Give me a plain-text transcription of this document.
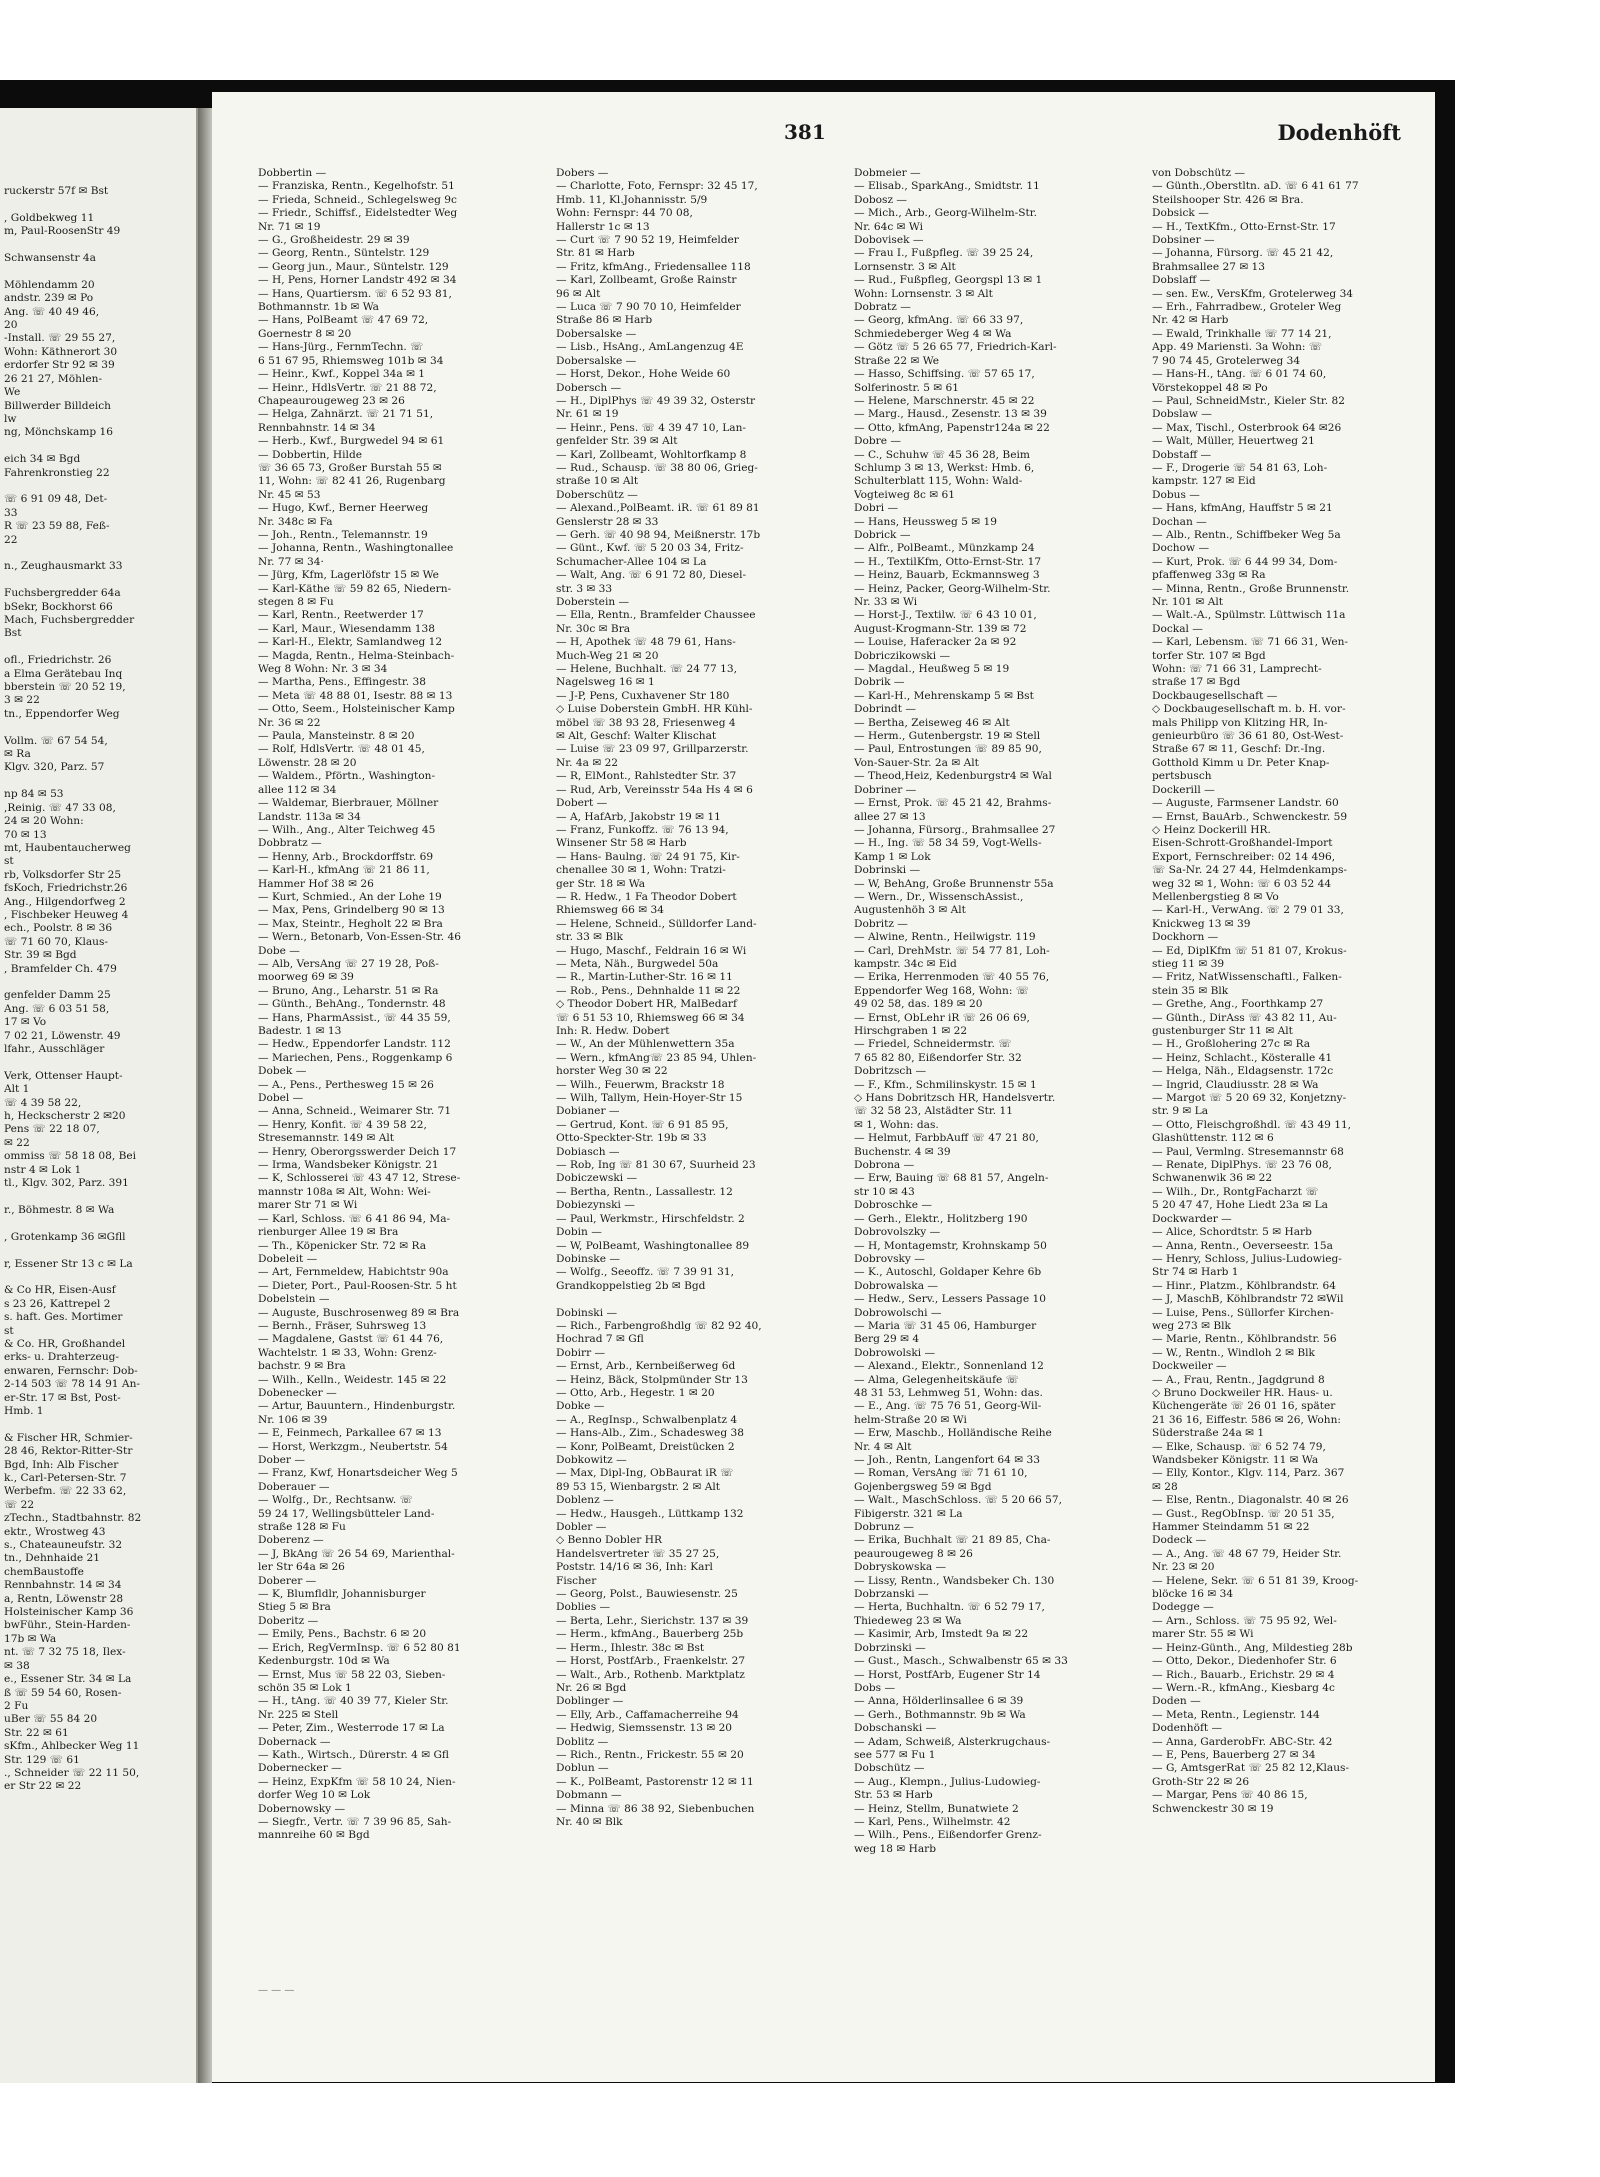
ruckerstr 57f ✉ Bst

, Goldbekweg 11
m, Paul-RoosenStr 49

Schwansenstr 4a

Möhlendamm 20
andstr. 239 ✉ Po
Ang. ☏ 40 49 46,
20
-Install. ☏ 29 55 27,
Wohn: Käthnerort 30
erdorfer Str 92 ✉ 39
26 21 27, Möhlen-
We
Billwerder Billdeich
lw
ng, Mönchskamp 16

eich 34 ✉ Bgd
Fahrenkronstieg 22

☏ 6 91 09 48, Det-
33
R ☏ 23 59 88, Feß-
22

n., Zeughausmarkt 33

Fuchsbergredder 64a
bSekr, Bockhorst 66
Mach, Fuchsbergredder
Bst

ofl., Friedrichstr. 26
a Elma Gerätebau Inq
bberstein ☏ 20 52 19,
3 ✉ 22
tn., Eppendorfer Weg

Vollm. ☏ 67 54 54,
✉ Ra
Klgv. 320, Parz. 57

np 84 ✉ 53
,Reinig. ☏ 47 33 08,
24 ✉ 20 Wohn:
70 ✉ 13
mt, Haubentaucherweg
st
rb, Volksdorfer Str 25
fsKoch, Friedrichstr.26
Ang., Hilgendorfweg 2
, Fischbeker Heuweg 4
ech., Poolstr. 8 ✉ 36
☏ 71 60 70, Klaus-
Str. 39 ✉ Bgd
, Bramfelder Ch. 479

genfelder Damm 25
Ang. ☏ 6 03 51 58,
17 ✉ Vo
7 02 21, Löwenstr. 49
lfahr., Ausschläger

Verk, Ottenser Haupt-
Alt 1
☏ 4 39 58 22,
h, Heckscherstr 2 ✉20
Pens ☏ 22 18 07,
✉ 22
ommiss ☏ 58 18 08, Bei
nstr 4 ✉ Lok 1
tl., Klgv. 302, Parz. 391

r., Böhmestr. 8 ✉ Wa

, Grotenkamp 36 ✉Gfll

r, Essener Str 13 c ✉ La

& Co HR, Eisen-Ausf
s 23 26, Kattrepel 2
s. haft. Ges. Mortimer
st
& Co. HR, Großhandel
erks- u. Drahterzeug-
enwaren, Fernschr: Dob-
2-14 503 ☏ 78 14 91 An-
er-Str. 17 ✉ Bst, Post-
Hmb. 1

& Fischer HR, Schmier-
28 46, Rektor-Ritter-Str
Bgd, Inh: Alb Fischer
k., Carl-Petersen-Str. 7
Werbefm. ☏ 22 33 62,
☏ 22
zTechn., Stadtbahnstr. 82
ektr., Wrostweg 43
s., Chateauneufstr. 32
tn., Dehnhaide 21
chemBaustoffe
Rennbahnstr. 14 ✉ 34
a, Rentn, Löwenstr 28
Holsteinischer Kamp 36
bwFühr., Stein-Harden-
17b ✉ Wa
nt. ☏ 7 32 75 18, Ilex-
✉ 38
e., Essener Str. 34 ✉ La
ß ☏ 59 54 60, Rosen-
2 Fu
uBer ☏ 55 84 20
Str. 22 ✉ 61
sKfm., Ahlbecker Weg 11
Str. 129 ☏ 61
., Schneider ☏ 22 11 50,
er Str 22 ✉ 22
381	Dodenhöft
Dobbertin —
— Franziska, Rentn., Kegelhofstr. 51
— Frieda, Schneid., Schlegelsweg 9c
— Friedr., Schiffsf., Eidelstedter Weg
Nr. 71 ✉ 19
— G., Großheidestr. 29 ✉ 39
— Georg, Rentn., Süntelstr. 129
— Georg jun., Maur., Süntelstr. 129
— H, Pens, Horner Landstr 492 ✉ 34
— Hans, Quartiersm. ☏ 6 52 93 81,
Bothmannstr. 1b ✉ Wa
— Hans, PolBeamt ☏ 47 69 72,
Goernestr 8 ✉ 20
— Hans-Jürg., FernmTechn. ☏
6 51 67 95, Rhiemsweg 101b ✉ 34
— Heinr., Kwf., Koppel 34a ✉ 1
— Heinr., HdlsVertr. ☏ 21 88 72,
Chapeaurougeweg 23 ✉ 26
— Helga, Zahnärzt. ☏ 21 71 51,
Rennbahnstr. 14 ✉ 34
— Herb., Kwf., Burgwedel 94 ✉ 61
— Dobbertin, Hilde
☏ 36 65 73, Großer Burstah 55 ✉
11, Wohn: ☏ 82 41 26, Rugenbarg
Nr. 45 ✉ 53
— Hugo, Kwf., Berner Heerweg
Nr. 348c ✉ Fa
— Joh., Rentn., Telemannstr. 19
— Johanna, Rentn., Washingtonallee
Nr. 77 ✉ 34·
— Jürg, Kfm, Lagerlöfstr 15 ✉ We
— Karl-Käthe ☏ 59 82 65, Niedern-
stegen 8 ✉ Fu
— Karl, Rentn., Reetwerder 17
— Karl, Maur., Wiesendamm 138
— Karl-H., Elektr, Samlandweg 12
— Magda, Rentn., Helma-Steinbach-
Weg 8 Wohn: Nr. 3 ✉ 34
— Martha, Pens., Effingestr. 38
— Meta ☏ 48 88 01, Isestr. 88 ✉ 13
— Otto, Seem., Holsteinischer Kamp
Nr. 36 ✉ 22
— Paula, Mansteinstr. 8 ✉ 20
— Rolf, HdlsVertr. ☏ 48 01 45,
Löwenstr. 28 ✉ 20
— Waldem., Pförtn., Washington-
allee 112 ✉ 34
— Waldemar, Bierbrauer, Möllner
Landstr. 113a ✉ 34
— Wilh., Ang., Alter Teichweg 45
Dobbratz —
— Henny, Arb., Brockdorffstr. 69
— Karl-H., kfmAng ☏ 21 86 11,
Hammer Hof 38 ✉ 26
— Kurt, Schmied., An der Lohe 19
— Max, Pens, Grindelberg 90 ✉ 13
— Max, Steintr., Hegholt 22 ✉ Bra
— Wern., Betonarb, Von-Essen-Str. 46
Dobe —
— Alb, VersAng ☏ 27 19 28, Poß-
moorweg 69 ✉ 39
— Bruno, Ang., Leharstr. 51 ✉ Ra
— Günth., BehAng., Tondernstr. 48
— Hans, PharmAssist., ☏ 44 35 59,
Badestr. 1 ✉ 13
— Hedw., Eppendorfer Landstr. 112
— Mariechen, Pens., Roggenkamp 6
Dobek —
— A., Pens., Perthesweg 15 ✉ 26
Dobel —
— Anna, Schneid., Weimarer Str. 71
— Henry, Konfit. ☏ 4 39 58 22,
Stresemannstr. 149 ✉ Alt
— Henry, Oberorgsswerder Deich 17
— Irma, Wandsbeker Königstr. 21
— K, Schlosserei ☏ 43 47 12, Strese-
mannstr 108a ✉ Alt, Wohn: Wei-
marer Str 71 ✉ Wi
— Karl, Schloss. ☏ 6 41 86 94, Ma-
rienburger Allee 19 ✉ Bra
— Th., Köpenicker Str. 72 ✉ Ra
Dobeleit —
— Art, Fernmeldew, Habichtstr 90a
— Dieter, Port., Paul-Roosen-Str. 5 ht
Dobelstein —
— Auguste, Buschrosenweg 89 ✉ Bra
— Bernh., Fräser, Suhrsweg 13
— Magdalene, Gastst ☏ 61 44 76,
Wachtelstr. 1 ✉ 33, Wohn: Grenz-
bachstr. 9 ✉ Bra
— Wilh., Kelln., Weidestr. 145 ✉ 22
Dobenecker —
— Artur, Bauuntern., Hindenburgstr.
Nr. 106 ✉ 39
— E, Feinmech, Parkallee 67 ✉ 13
— Horst, Werkzgm., Neubertstr. 54
Dober —
— Franz, Kwf, Honartsdeicher Weg 5
Doberauer —
— Wolfg., Dr., Rechtsanw. ☏
59 24 17, Wellingsbütteler Land-
straße 128 ✉ Fu
Doberenz —
— J, BkAng ☏ 26 54 69, Marienthal-
ler Str 64a ✉ 26
Doberer —
— K, Blumfldlr, Johannisburger
Stieg 5 ✉ Bra
Doberitz —
— Emily, Pens., Bachstr. 6 ✉ 20
— Erich, RegVermInsp. ☏ 6 52 80 81
Kedenburgstr. 10d ✉ Wa
— Ernst, Mus ☏ 58 22 03, Sieben-
schön 35 ✉ Lok 1
— H., tAng. ☏ 40 39 77, Kieler Str.
Nr. 225 ✉ Stell
— Peter, Zim., Westerrode 17 ✉ La
Dobernack —
— Kath., Wirtsch., Dürerstr. 4 ✉ Gfl
Dobernecker —
— Heinz, ExpKfm ☏ 58 10 24, Nien-
dorfer Weg 10 ✉ Lok
Dobernowsky —
— Siegfr., Vertr. ☏ 7 39 96 85, Sah-
mannreihe 60 ✉ Bgd
Dobers —
— Charlotte, Foto, Fernspr: 32 45 17,
Hmb. 11, Kl.Johannisstr. 5/9
Wohn: Fernspr: 44 70 08,
Hallerstr 1c ✉ 13
— Curt ☏ 7 90 52 19, Heimfelder
Str. 81 ✉ Harb
— Fritz, kfmAng., Friedensallee 118
— Karl, Zollbeamt, Große Rainstr
96 ✉ Alt
— Luca ☏ 7 90 70 10, Heimfelder
Straße 86 ✉ Harb
Dobersalske —
— Lisb., HsAng., AmLangenzug 4E
Dobersalske —
— Horst, Dekor., Hohe Weide 60
Dobersch —
— H., DiplPhys ☏ 49 39 32, Osterstr
Nr. 61 ✉ 19
— Heinr., Pens. ☏ 4 39 47 10, Lan-
genfelder Str. 39 ✉ Alt
— Karl, Zollbeamt, Wohltorfkamp 8
— Rud., Schausp. ☏ 38 80 06, Grieg-
straße 10 ✉ Alt
Doberschütz —
— Alexand.,PolBeamt. iR. ☏ 61 89 81
Genslerstr 28 ✉ 33
— Gerh. ☏ 40 98 94, Meißnerstr. 17b
— Günt., Kwf. ☏ 5 20 03 34, Fritz-
Schumacher-Allee 104 ✉ La
— Walt, Ang. ☏ 6 91 72 80, Diesel-
str. 3 ✉ 33
Doberstein —
— Ella, Rentn., Bramfelder Chaussee
Nr. 30c ✉ Bra
— H, Apothek ☏ 48 79 61, Hans-
Much-Weg 21 ✉ 20
— Helene, Buchhalt. ☏ 24 77 13,
Nagelsweg 16 ✉ 1
— J-P, Pens, Cuxhavener Str 180
◇ Luise Doberstein GmbH. HR Kühl-
möbel ☏ 38 93 28, Friesenweg 4
✉ Alt, Geschf: Walter Klischat
— Luise ☏ 23 09 97, Grillparzerstr.
Nr. 4a ✉ 22
— R, ElMont., Rahlstedter Str. 37
— Rud, Arb, Vereinsstr 54a Hs 4 ✉ 6
Dobert —
— A, HafArb, Jakobstr 19 ✉ 11
— Franz, Funkoffz. ☏ 76 13 94,
Winsener Str 58 ✉ Harb
— Hans- Baulng. ☏ 24 91 75, Kir-
chenallee 30 ✉ 1, Wohn: Tratzi-
ger Str. 18 ✉ Wa
— R. Hedw., 1 Fa Theodor Dobert
Rhiemsweg 66 ✉ 34
— Helene, Schneid., Sülldorfer Land-
str. 33 ✉ Blk
— Hugo, Maschf., Feldrain 16 ✉ Wi
— Meta, Näh., Burgwedel 50a
— R., Martin-Luther-Str. 16 ✉ 11
— Rob., Pens., Dehnhalde 11 ✉ 22
◇ Theodor Dobert HR, MalBedarf
☏ 6 51 53 10, Rhiemsweg 66 ✉ 34
Inh: R. Hedw. Dobert
— W., An der Mühlenwettern 35a
— Wern., kfmAng☏ 23 85 94, Uhlen-
horster Weg 30 ✉ 22
— Wilh., Feuerwm, Brackstr 18
— Wilh, Tallym, Hein-Hoyer-Str 15
Dobianer —
— Gertrud, Kont. ☏ 6 91 85 95,
Otto-Speckter-Str. 19b ✉ 33
Dobiasch —
— Rob, Ing ☏ 81 30 67, Suurheid 23
Dobiczewski —
— Bertha, Rentn., Lassallestr. 12
Dobiezynski —
— Paul, Werkmstr., Hirschfeldstr. 2
Dobin —
— W, PolBeamt, Washingtonallee 89
Dobinske —
— Wolfg., Seeoffz. ☏ 7 39 91 31,
Grandkoppelstieg 2b ✉ Bgd

Dobinski —
— Rich., Farbengroßhdlg ☏ 82 92 40,
Hochrad 7 ✉ Gfl
Dobirr —
— Ernst, Arb., Kernbeißerweg 6d
— Heinz, Bäck, Stolpmünder Str 13
— Otto, Arb., Hegestr. 1 ✉ 20
Dobke —
— A., RegInsp., Schwalbenplatz 4
— Hans-Alb., Zim., Schadesweg 38
— Konr, PolBeamt, Dreistücken 2
Dobkowitz —
— Max, Dipl-Ing, ObBaurat iR ☏
89 53 15, Wienbargstr. 2 ✉ Alt
Doblenz —
— Hedw., Hausgeh., Lüttkamp 132
Dobler —
◇ Benno Dobler HR
Handelsvertreter ☏ 35 27 25,
Poststr. 14/16 ✉ 36, Inh: Karl
Fischer
— Georg, Polst., Bauwiesenstr. 25
Doblies —
— Berta, Lehr., Sierichstr. 137 ✉ 39
— Herm., kfmAng., Bauerberg 25b
— Herm., Ihlestr. 38c ✉ Bst
— Horst, PostfArb., Fraenkelstr. 27
— Walt., Arb., Rothenb. Marktplatz
Nr. 26 ✉ Bgd
Doblinger —
— Elly, Arb., Caffamacherreihe 94
— Hedwig, Siemssenstr. 13 ✉ 20
Doblitz —
— Rich., Rentn., Frickestr. 55 ✉ 20
Doblun —
— K., PolBeamt, Pastorenstr 12 ✉ 11
Dobmann —
— Minna ☏ 86 38 92, Siebenbuchen
Nr. 40 ✉ Blk
Dobmeier —
— Elisab., SparkAng., Smidtstr. 11
Dobosz —
— Mich., Arb., Georg-Wilhelm-Str.
Nr. 64c ✉ Wi
Dobovisek —
— Frau I., Fußpfleg. ☏ 39 25 24,
Lornsenstr. 3 ✉ Alt
— Rud., Fußpfleg, Georgspl 13 ✉ 1
Wohn: Lornsenstr. 3 ✉ Alt
Dobratz —
— Georg, kfmAng. ☏ 66 33 97,
Schmiedeberger Weg 4 ✉ Wa
— Götz ☏ 5 26 65 77, Friedrich-Karl-
Straße 22 ✉ We
— Hasso, Schiffsing. ☏ 57 65 17,
Solferinostr. 5 ✉ 61
— Helene, Marschnerstr. 45 ✉ 22
— Marg., Hausd., Zesenstr. 13 ✉ 39
— Otto, kfmAng, Papenstr124a ✉ 22
Dobre —
— C., Schuhw ☏ 45 36 28, Beim
Schlump 3 ✉ 13, Werkst: Hmb. 6,
Schulterblatt 115, Wohn: Wald-
Vogteiweg 8c ✉ 61
Dobri —
— Hans, Heussweg 5 ✉ 19
Dobrick —
— Alfr., PolBeamt., Münzkamp 24
— H., TextilKfm, Otto-Ernst-Str. 17
— Heinz, Bauarb, Eckmannsweg 3
— Heinz, Packer, Georg-Wilhelm-Str.
Nr. 33 ✉ Wi
— Horst-J., Textilw. ☏ 6 43 10 01,
August-Krogmann-Str. 139 ✉ 72
— Louise, Haferacker 2a ✉ 92
Dobriczikowski —
— Magdal., Heußweg 5 ✉ 19
Dobrik —
— Karl-H., Mehrenskamp 5 ✉ Bst
Dobrindt —
— Bertha, Zeiseweg 46 ✉ Alt
— Herm., Gutenbergstr. 19 ✉ Stell
— Paul, Entrostungen ☏ 89 85 90,
Von-Sauer-Str. 2a ✉ Alt
— Theod,Heiz, Kedenburgstr4 ✉ Wal
Dobriner —
— Ernst, Prok. ☏ 45 21 42, Brahms-
allee 27 ✉ 13
— Johanna, Fürsorg., Brahmsallee 27
— H., Ing. ☏ 58 34 59, Vogt-Wells-
Kamp 1 ✉ Lok
Dobrinski —
— W, BehAng, Große Brunnenstr 55a
— Wern., Dr., WissenschAssist.,
Augustenhöh 3 ✉ Alt
Dobritz —
— Alwine, Rentn., Heilwigstr. 119
— Carl, DrehMstr. ☏ 54 77 81, Loh-
kampstr. 34c ✉ Eid
— Erika, Herrenmoden ☏ 40 55 76,
Eppendorfer Weg 168, Wohn: ☏
49 02 58, das. 189 ✉ 20
— Ernst, ObLehr iR ☏ 26 06 69,
Hirschgraben 1 ✉ 22
— Friedel, Schneidermstr. ☏
7 65 82 80, Eißendorfer Str. 32
Dobritzsch —
— F., Kfm., Schmilinskystr. 15 ✉ 1
◇ Hans Dobritzsch HR, Handelsvertr.
☏ 32 58 23, Alstädter Str. 11
✉ 1, Wohn: das.
— Helmut, FarbbAuff ☏ 47 21 80,
Buchenstr. 4 ✉ 39
Dobrona —
— Erw, Bauing ☏ 68 81 57, Angeln-
str 10 ✉ 43
Dobroschke —
— Gerh., Elektr., Holitzberg 190
Dobrovolszky —
— H, Montagemstr, Krohnskamp 50
Dobrovsky —
— K., Autoschl, Goldaper Kehre 6b
Dobrowalska —
— Hedw., Serv., Lessers Passage 10
Dobrowolschi —
— Maria ☏ 31 45 06, Hamburger
Berg 29 ✉ 4
Dobrowolski —
— Alexand., Elektr., Sonnenland 12
— Alma, Gelegenheitskäufe ☏
48 31 53, Lehmweg 51, Wohn: das.
— E., Ang. ☏ 75 76 51, Georg-Wil-
helm-Straße 20 ✉ Wi
— Erw, Maschb., Holländische Reihe
Nr. 4 ✉ Alt
— Joh., Rentn, Langenfort 64 ✉ 33
— Roman, VersAng ☏ 71 61 10,
Gojenbergsweg 59 ✉ Bgd
— Walt., MaschSchloss. ☏ 5 20 66 57,
Fibigerstr. 321 ✉ La
Dobrunz —
— Erika, Buchhalt ☏ 21 89 85, Cha-
peaurougeweg 8 ✉ 26
Dobryskowska —
— Lissy, Rentn., Wandsbeker Ch. 130
Dobrzanski —
— Herta, Buchhaltn. ☏ 6 52 79 17,
Thiedeweg 23 ✉ Wa
— Kasimir, Arb, Imstedt 9a ✉ 22
Dobrzinski —
— Gust., Masch., Schwalbenstr 65 ✉ 33
— Horst, PostfArb, Eugener Str 14
Dobs —
— Anna, Hölderlinsallee 6 ✉ 39
— Gerh., Bothmannstr. 9b ✉ Wa
Dobschanski —
— Adam, Schweiß, Alsterkrugchaus-
see 577 ✉ Fu 1
Dobschütz —
— Aug., Klempn., Julius-Ludowieg-
Str. 53 ✉ Harb
— Heinz, Stellm, Bunatwiete 2
— Karl, Pens., Wilhelmstr. 42
— Wilh., Pens., Eißendorfer Grenz-
weg 18 ✉ Harb
von Dobschütz —
— Günth.,Oberstltn. aD. ☏ 6 41 61 77
Steilshooper Str. 426 ✉ Bra.
Dobsick —
— H., TextKfm., Otto-Ernst-Str. 17
Dobsiner —
— Johanna, Fürsorg. ☏ 45 21 42,
Brahmsallee 27 ✉ 13
Dobslaff —
— sen. Ew., VersKfm, Grotelerweg 34
— Erh., Fahrradbew., Groteler Weg
Nr. 42 ✉ Harb
— Ewald, Trinkhalle ☏ 77 14 21,
App. 49 Mariensti. 3a Wohn: ☏
7 90 74 45, Grotelerweg 34
— Hans-H., tAng. ☏ 6 01 74 60,
Vörstekoppel 48 ✉ Po
— Paul, SchneidMstr., Kieler Str. 82
Dobslaw —
— Max, Tischl., Osterbrook 64 ✉26
— Walt, Müller, Heuertweg 21
Dobstaff —
— F., Drogerie ☏ 54 81 63, Loh-
kampstr. 127 ✉ Eid
Dobus —
— Hans, kfmAng, Hauffstr 5 ✉ 21
Dochan —
— Alb., Rentn., Schiffbeker Weg 5a
Dochow —
— Kurt, Prok. ☏ 6 44 99 34, Dom-
pfaffenweg 33g ✉ Ra
— Minna, Rentn., Große Brunnenstr.
Nr. 101 ✉ Alt
— Walt.-A., Spülmstr. Lüttwisch 11a
Dockal —
— Karl, Lebensm. ☏ 71 66 31, Wen-
torfer Str. 107 ✉ Bgd
Wohn: ☏ 71 66 31, Lamprecht-
straße 17 ✉ Bgd
Dockbaugesellschaft —
◇ Dockbaugesellschaft m. b. H. vor-
mals Philipp von Klitzing HR, In-
genieurbüro ☏ 36 61 80, Ost-West-
Straße 67 ✉ 11, Geschf: Dr.-Ing.
Gotthold Kimm u Dr. Peter Knap-
pertsbusch
Dockerill —
— Auguste, Farmsener Landstr. 60
— Ernst, BauArb., Schwenckestr. 59
◇ Heinz Dockerill HR.
Eisen-Schrott-Großhandel-Import
Export, Fernschreiber: 02 14 496,
☏ Sa-Nr. 24 27 44, Helmdenkamps-
weg 32 ✉ 1, Wohn: ☏ 6 03 52 44
Mellenbergstieg 8 ✉ Vo
— Karl-H., VerwAng. ☏ 2 79 01 33,
Knickweg 13 ✉ 39
Dockhorn —
— Ed, DiplKfm ☏ 51 81 07, Krokus-
stieg 11 ✉ 39
— Fritz, NatWissenschaftl., Falken-
stein 35 ✉ Blk
— Grethe, Ang., Foorthkamp 27
— Günth., DirAss ☏ 43 82 11, Au-
gustenburger Str 11 ✉ Alt
— H., Großlohering 27c ✉ Ra
— Heinz, Schlacht., Kösteralle 41
— Helga, Näh., Eldagsenstr. 172c
— Ingrid, Claudiusstr. 28 ✉ Wa
— Margot ☏ 5 20 69 32, Konjetzny-
str. 9 ✉ La
— Otto, Fleischgroßhdl. ☏ 43 49 11,
Glashüttenstr. 112 ✉ 6
— Paul, Vermlng. Stresemannstr 68
— Renate, DiplPhys. ☏ 23 76 08,
Schwanenwik 36 ✉ 22
— Wilh., Dr., RontgFacharzt ☏
5 20 47 47, Hohe Liedt 23a ✉ La
Dockwarder —
— Alice, Schordtstr. 5 ✉ Harb
— Anna, Rentn., Oeverseestr. 15a
— Henry, Schloss, Julius-Ludowieg-
Str 74 ✉ Harb 1
— Hinr., Platzm., Köhlbrandstr. 64
— J, MaschB, Köhlbrandstr 72 ✉Wil
— Luise, Pens., Süllorfer Kirchen-
weg 273 ✉ Blk
— Marie, Rentn., Köhlbrandstr. 56
— W., Rentn., Windloh 2 ✉ Blk
Dockweiler —
— A., Frau, Rentn., Jagdgrund 8
◇ Bruno Dockweiler HR. Haus- u.
Küchengeräte ☏ 26 01 16, später
21 36 16, Eiffestr. 586 ✉ 26, Wohn:
Süderstraße 24a ✉ 1
— Elke, Schausp. ☏ 6 52 74 79,
Wandsbeker Königstr. 11 ✉ Wa
— Elly, Kontor., Klgv. 114, Parz. 367
✉ 28
— Else, Rentn., Diagonalstr. 40 ✉ 26
— Gust., RegObInsp. ☏ 20 51 35,
Hammer Steindamm 51 ✉ 22
Dodeck —
— A., Ang. ☏ 48 67 79, Heider Str.
Nr. 23 ✉ 20
— Helene, Sekr. ☏ 6 51 81 39, Kroog-
blöcke 16 ✉ 34
Dodegge —
— Arn., Schloss. ☏ 75 95 92, Wel-
marer Str. 55 ✉ Wi
— Heinz-Günth., Ang, Mildestieg 28b
— Otto, Dekor., Diedenhofer Str. 6
— Rich., Bauarb., Erichstr. 29 ✉ 4
— Wern.-R., kfmAng., Kiesbarg 4c
Doden —
— Meta, Rentn., Legienstr. 144
Dodenhöft —
— Anna, GarderobFr. ABC-Str. 42
— E, Pens, Bauerberg 27 ✉ 34
— G, AmtsgerRat ☏ 25 82 12,Klaus-
Groth-Str 22 ✉ 26
— Margar, Pens ☏ 40 86 15,
Schwenckestr 30 ✉ 19
— — —
